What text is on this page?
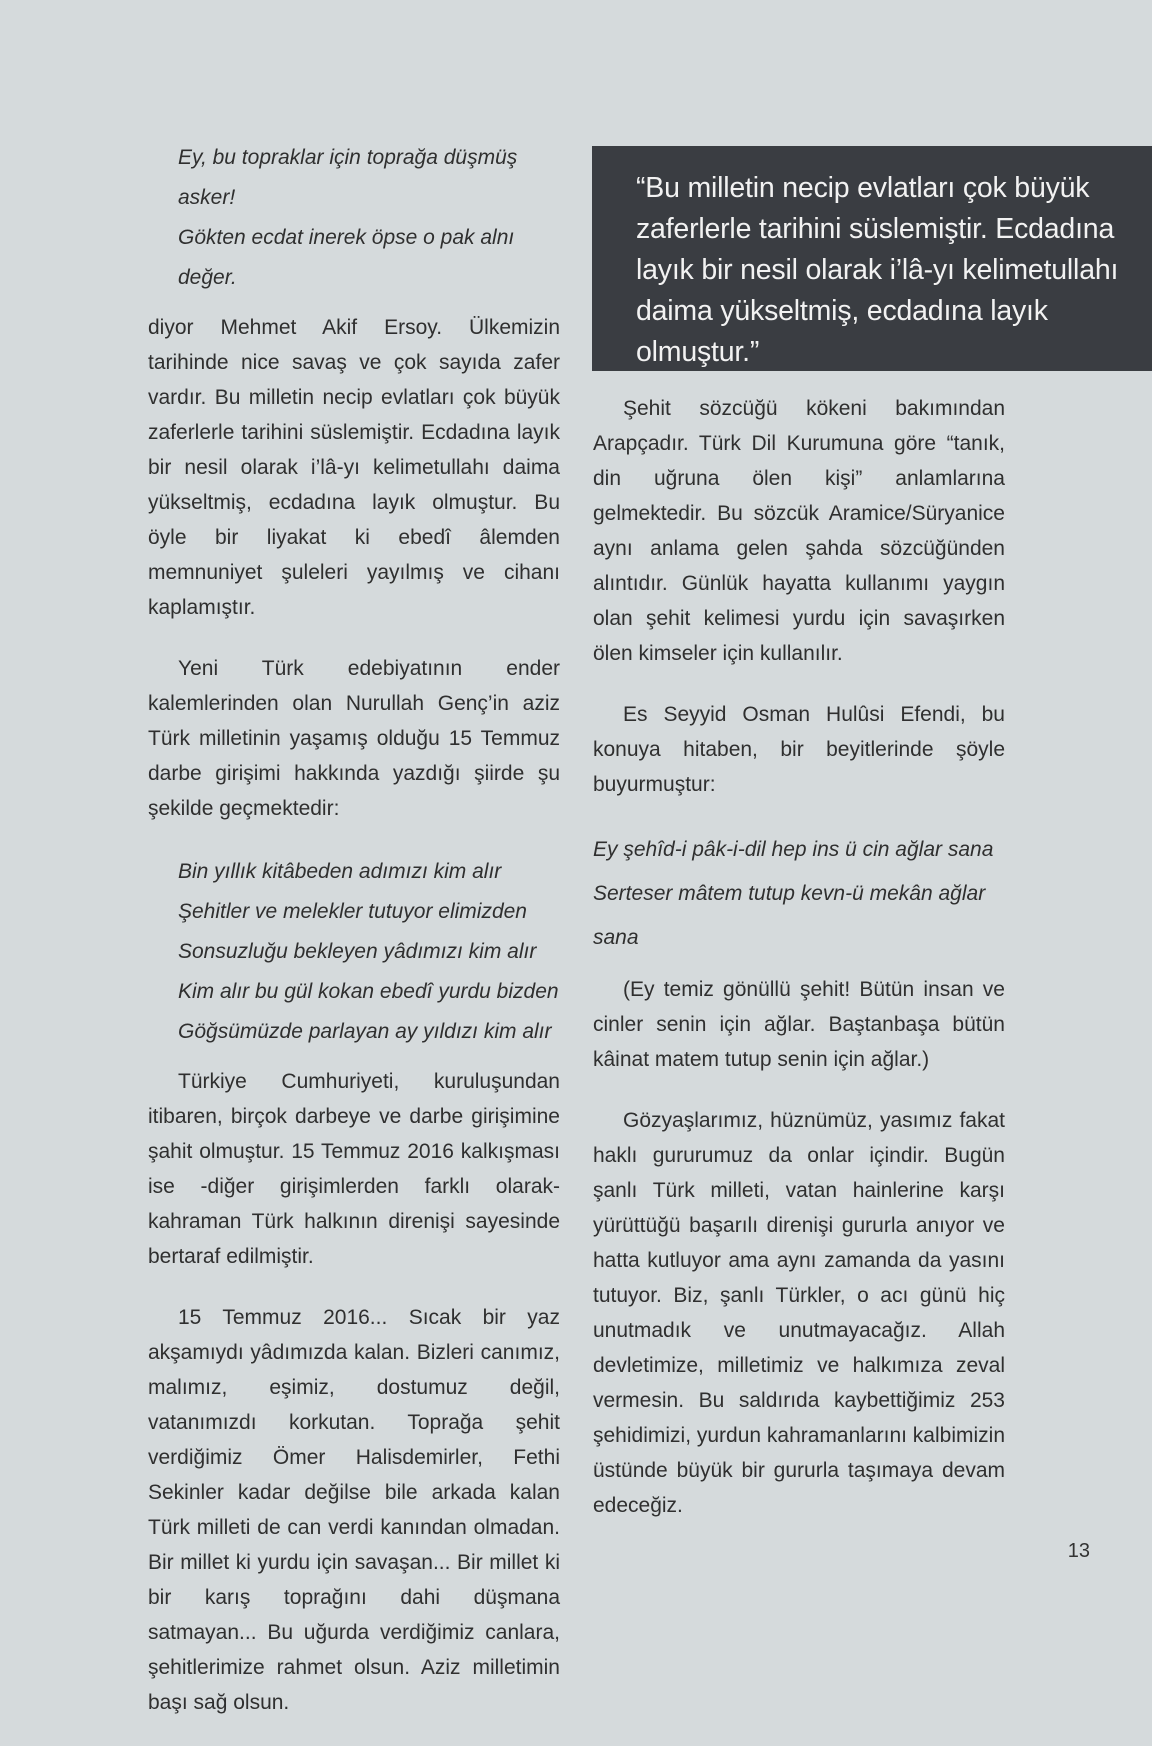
Ey, bu topraklar için toprağa düşmüş asker!

Gökten ecdat inerek öpse o pak alnı değer.

diyor Mehmet Akif Ersoy. Ülkemizin tarihinde nice savaş ve çok sayıda zafer vardır. Bu milletin necip evlatları çok büyük zaferlerle tarihini süslemiştir. Ecdadına layık bir nesil olarak i’lâ-yı kelimetullahı daima yükseltmiş, ecdadına layık olmuştur. Bu öyle bir liyakat ki ebedî âlemden memnuniyet şuleleri yayılmış ve cihanı kaplamıştır.

Yeni Türk edebiyatının ender kalemlerinden olan Nurullah Genç’in aziz Türk milletinin yaşamış olduğu 15 Temmuz darbe girişimi hakkında yazdığı şiirde şu şekilde geçmektedir:

Bin yıllık kitâbeden adımızı kim alır

Şehitler ve melekler tutuyor elimizden

Sonsuzluğu bekleyen yâdımızı kim alır

Kim alır bu gül kokan ebedî yurdu bizden

Göğsümüzde parlayan ay yıldızı kim alır

Türkiye Cumhuriyeti, kuruluşundan itibaren, birçok darbeye ve darbe girişimine şahit olmuştur. 15 Temmuz 2016 kalkışması ise -diğer girişimlerden farklı olarak- kahraman Türk halkının direnişi sayesinde bertaraf edilmiştir.

15 Temmuz 2016... Sıcak bir yaz akşamıydı yâdımızda kalan. Bizleri canımız, malımız, eşimiz, dostumuz değil, vatanımızdı korkutan. Toprağa şehit verdiğimiz Ömer Halisdemirler, Fethi Sekinler kadar değilse bile arkada kalan Türk milleti de can verdi kanından olmadan. Bir millet ki yurdu için savaşan... Bir millet ki bir karış toprağını dahi düşmana satmayan... Bu uğurda verdiğimiz canlara, şehitlerimize rahmet olsun. Aziz milletimin başı sağ olsun.

“Bu milletin necip evlatları çok büyük zaferlerle tarihini süslemiştir. Ecdadına layık bir nesil olarak i’lâ-yı kelimetullahı daima yükseltmiş, ecdadına layık olmuştur.”

Şehit sözcüğü kökeni bakımından Arapçadır. Türk Dil Kurumuna göre “tanık, din uğruna ölen kişi” anlamlarına gelmektedir. Bu sözcük Aramice/Süryanice aynı anlama gelen şahda sözcüğünden alıntıdır. Günlük hayatta kullanımı yaygın olan şehit kelimesi yurdu için savaşırken ölen kimseler için kullanılır.

Es Seyyid Osman Hulûsi Efendi, bu konuya hitaben, bir beyitlerinde şöyle buyurmuştur:

Ey şehîd-i pâk-i-dil hep ins ü cin ağlar sana

Serteser mâtem tutup kevn-ü mekân ağlar sana

(Ey temiz gönüllü şehit! Bütün insan ve cinler senin için ağlar. Baştanbaşa bütün kâinat matem tutup senin için ağlar.)

Gözyaşlarımız, hüznümüz, yasımız fakat haklı gururumuz da onlar içindir. Bugün şanlı Türk milleti, vatan hainlerine karşı yürüttüğü başarılı direnişi gururla anıyor ve hatta kutluyor ama aynı zamanda da yasını tutuyor. Biz, şanlı Türkler, o acı günü hiç unutmadık ve unutmayacağız. Allah devletimize, milletimiz ve halkımıza zeval vermesin. Bu saldırıda kaybettiğimiz 253 şehidimizi, yurdun kahramanlarını kalbimizin üstünde büyük bir gururla taşımaya devam edeceğiz.

13
